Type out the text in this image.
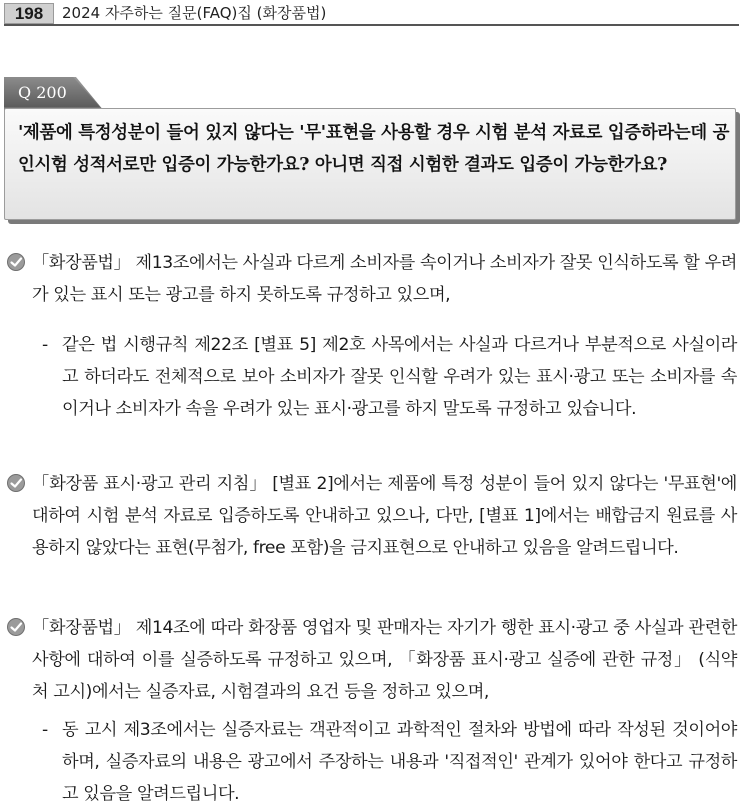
198	2024 자주하는 질문(FAQ)집 (화장품법)
Q 200
'제품에 특정성분이 들어 있지 않다는 '무'표현을 사용할 경우 시험 분석 자료로 입증하라는데 공인시험 성적서로만 입증이 가능한가요? 아니면 직접 시험한 결과도 입증이 가능한가요?
「화장품법」 제13조에서는 사실과 다르게 소비자를 속이거나 소비자가 잘못 인식하도록 할 우려가 있는 표시 또는 광고를 하지 못하도록 규정하고 있으며,
- 같은 법 시행규칙 제22조 [별표 5] 제2호 사목에서는 사실과 다르거나 부분적으로 사실이라고 하더라도 전체적으로 보아 소비자가 잘못 인식할 우려가 있는 표시·광고 또는 소비자를 속이거나 소비자가 속을 우려가 있는 표시·광고를 하지 말도록 규정하고 있습니다.
「화장품 표시·광고 관리 지침」 [별표 2]에서는 제품에 특정 성분이 들어 있지 않다는 '무표현'에 대하여 시험 분석 자료로 입증하도록 안내하고 있으나, 다만, [별표 1]에서는 배합금지 원료를 사용하지 않았다는 표현(무첨가, free 포함)을 금지표현으로 안내하고 있음을 알려드립니다.
「화장품법」 제14조에 따라 화장품 영업자 및 판매자는 자기가 행한 표시·광고 중 사실과 관련한 사항에 대하여 이를 실증하도록 규정하고 있으며, 「화장품 표시·광고 실증에 관한 규정」 (식약처 고시)에서는 실증자료, 시험결과의 요건 등을 정하고 있으며,
- 동 고시 제3조에서는 실증자료는 객관적이고 과학적인 절차와 방법에 따라 작성된 것이어야 하며, 실증자료의 내용은 광고에서 주장하는 내용과 '직접적인' 관계가 있어야 한다고 규정하고 있음을 알려드립니다.
